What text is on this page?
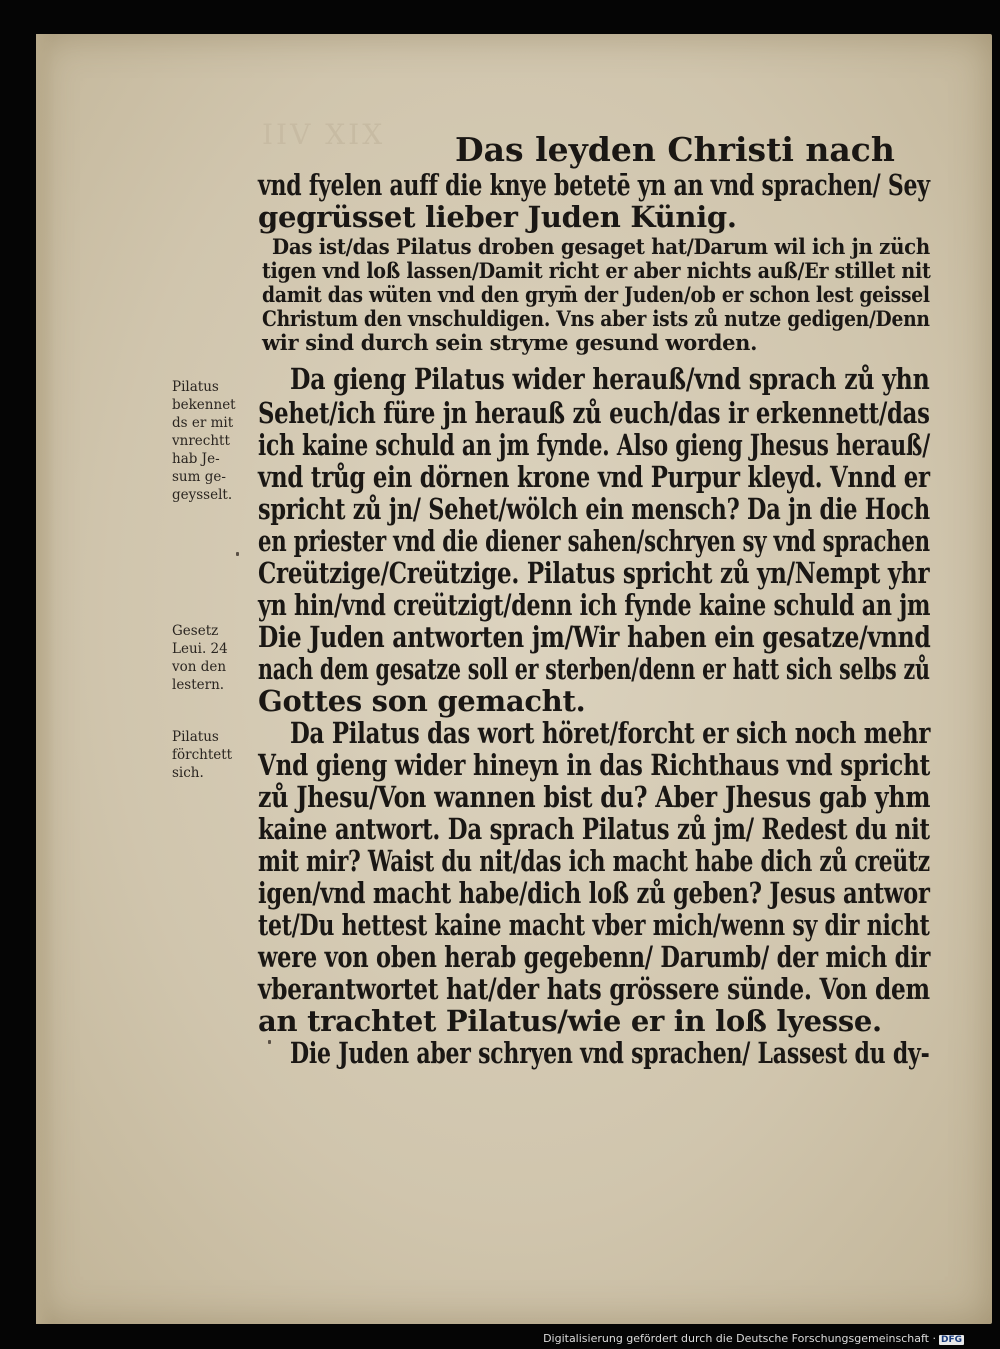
IIV XIX Das leyden Christi nach
vnd fyelen auff die knye betetē yn an vnd sprachen/ Sey
gegrüsset lieber Juden Künig.
Das ist/das Pilatus droben gesaget hat/Darum wil ich jn züch
tigen vnd loß lassen/Damit richt er aber nichts auß/Er stillet nit
damit das wüten vnd den grym̄ der Juden/ob er schon lest geissel
Christum den vnschuldigen. Vns aber ists zů nutze gedigen/Denn
wir sind durch sein stryme gesund worden.
Da gieng Pilatus wider herauß/vnd sprach zů yhn
Sehet/ich füre jn herauß zů euch/das ir erkennett/das
ich kaine schuld an jm fynde. Also gieng Jhesus herauß/
vnd trůg ein dörnen krone vnd Purpur kleyd. Vnnd er
spricht zů jn/ Sehet/wölch ein mensch? Da jn die Hoch
en priester vnd die diener sahen/schryen sy vnd sprachen
Creützige/Creützige. Pilatus spricht zů yn/Nempt yhr
yn hin/vnd creützigt/denn ich fynde kaine schuld an jm
Die Juden antworten jm/Wir haben ein gesatze/vnnd
nach dem gesatze soll er sterben/denn er hatt sich selbs zů
Gottes son gemacht.
Da Pilatus das wort höret/forcht er sich noch mehr
Vnd gieng wider hineyn in das Richthaus vnd spricht
zů Jhesu/Von wannen bist du? Aber Jhesus gab yhm
kaine antwort. Da sprach Pilatus zů jm/ Redest du nit
mit mir? Waist du nit/das ich macht habe dich zů creütz
igen/vnd macht habe/dich loß zů geben? Jesus antwor
tet/Du hettest kaine macht vber mich/wenn sy dir nicht
were von oben herab gegebenn/ Darumb/ der mich dir
vberantwortet hat/der hats grössere sünde. Von dem
an trachtet Pilatus/wie er in loß lyesse.
Die Juden aber schryen vnd sprachen/ Lassest du dy-
Pilatus
bekennet
ds er mit
vnrechtt
hab Je-
sum ge-
geysselt.
Gesetz
Leui. 24
von den
lestern.
Pilatus
förchtett
sich.
Digitalisierung gefördert durch die Deutsche Forschungsgemeinschaft · DFG
